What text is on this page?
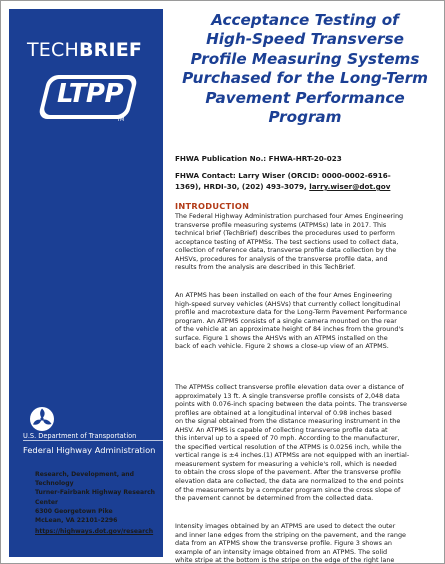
TECHBRIEF
LTPP
TM
U.S. Department of Transportation
Federal Highway Administration
Research, Development, and
Technology
Turner-Fairbank Highway Research
Center
6300 Georgetown Pike
McLean, VA 22101-2296
https://highways.dot.gov/research
Acceptance Testing of
High-Speed Transverse
Profile Measuring Systems
Purchased for the Long-Term
Pavement Performance
Program
FHWA Publication No.: FHWA-HRT-20-023
FHWA Contact: Larry Wiser (ORCID: 0000-0002-6916-
1369), HRDI-30, (202) 493-3079, larry.wiser@dot.gov
INTRODUCTION
The Federal Highway Administration purchased four Ames Engineering
transverse profile measuring systems (ATPMSs) late in 2017. This
technical brief (TechBrief) describes the procedures used to perform
acceptance testing of ATPMSs. The test sections used to collect data,
collection of reference data, transverse profile data collection by the
AHSVs, procedures for analysis of the transverse profile data, and
results from the analysis are described in this TechBrief.
An ATPMS has been installed on each of the four Ames Engineering
high-speed survey vehicles (AHSVs) that currently collect longitudinal
profile and macrotexture data for the Long-Term Pavement Performance
program. An ATPMS consists of a single camera mounted on the rear
of the vehicle at an approximate height of 84 inches from the ground's
surface. Figure 1 shows the AHSVs with an ATPMS installed on the
back of each vehicle. Figure 2 shows a close-up view of an ATPMS.
The ATPMSs collect transverse profile elevation data over a distance of
approximately 13 ft. A single transverse profile consists of 2,048 data
points with 0.076-inch spacing between the data points. The transverse
profiles are obtained at a longitudinal interval of 0.98 inches based
on the signal obtained from the distance measuring instrument in the
AHSV. An ATPMS is capable of collecting transverse profile data at
this interval up to a speed of 70 mph. According to the manufacturer,
the specified vertical resolution of the ATPMS is 0.0256 inch, while the
vertical range is ±4 inches.(1) ATPMSs are not equipped with an inertial-
measurement system for measuring a vehicle's roll, which is needed
to obtain the cross slope of the pavement. After the transverse profile
elevation data are collected, the data are normalized to the end points
of the measurements by a computer program since the cross slope of
the pavement cannot be determined from the collected data.
Intensity images obtained by an ATPMS are used to detect the outer
and inner lane edges from the striping on the pavement, and the range
data from an ATPMS show the transverse profile. Figure 3 shows an
example of an intensity image obtained from an ATPMS. The solid
white stripe at the bottom is the stripe on the edge of the right lane
